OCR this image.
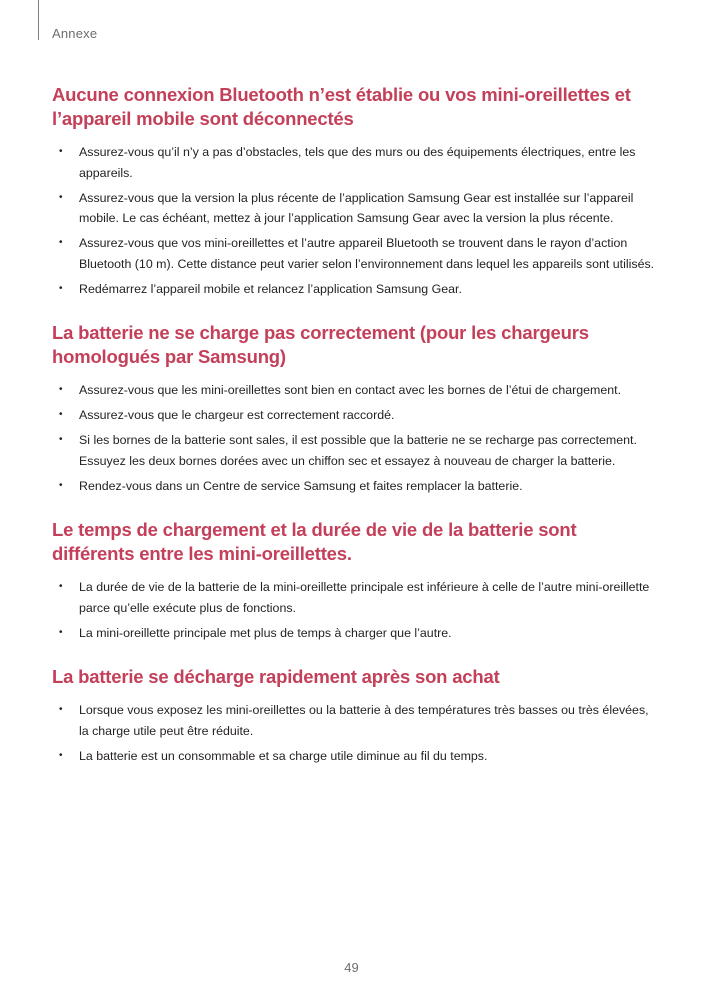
Annexe
Aucune connexion Bluetooth n’est établie ou vos mini-oreillettes et l’appareil mobile sont déconnectés
• Assurez-vous qu’il n’y a pas d’obstacles, tels que des murs ou des équipements électriques, entre les appareils.
• Assurez-vous que la version la plus récente de l’application Samsung Gear est installée sur l’appareil mobile. Le cas échéant, mettez à jour l’application Samsung Gear avec la version la plus récente.
• Assurez-vous que vos mini-oreillettes et l’autre appareil Bluetooth se trouvent dans le rayon d’action Bluetooth (10 m). Cette distance peut varier selon l’environnement dans lequel les appareils sont utilisés.
• Redémarrez l’appareil mobile et relancez l’application Samsung Gear.
La batterie ne se charge pas correctement (pour les chargeurs homologués par Samsung)
• Assurez-vous que les mini-oreillettes sont bien en contact avec les bornes de l’étui de chargement.
• Assurez-vous que le chargeur est correctement raccordé.
• Si les bornes de la batterie sont sales, il est possible que la batterie ne se recharge pas correctement. Essuyez les deux bornes dorées avec un chiffon sec et essayez à nouveau de charger la batterie.
• Rendez-vous dans un Centre de service Samsung et faites remplacer la batterie.
Le temps de chargement et la durée de vie de la batterie sont différents entre les mini-oreillettes.
• La durée de vie de la batterie de la mini-oreillette principale est inférieure à celle de l’autre mini-oreillette parce qu’elle exécute plus de fonctions.
• La mini-oreillette principale met plus de temps à charger que l’autre.
La batterie se décharge rapidement après son achat
• Lorsque vous exposez les mini-oreillettes ou la batterie à des températures très basses ou très élevées, la charge utile peut être réduite.
• La batterie est un consommable et sa charge utile diminue au fil du temps.
49
